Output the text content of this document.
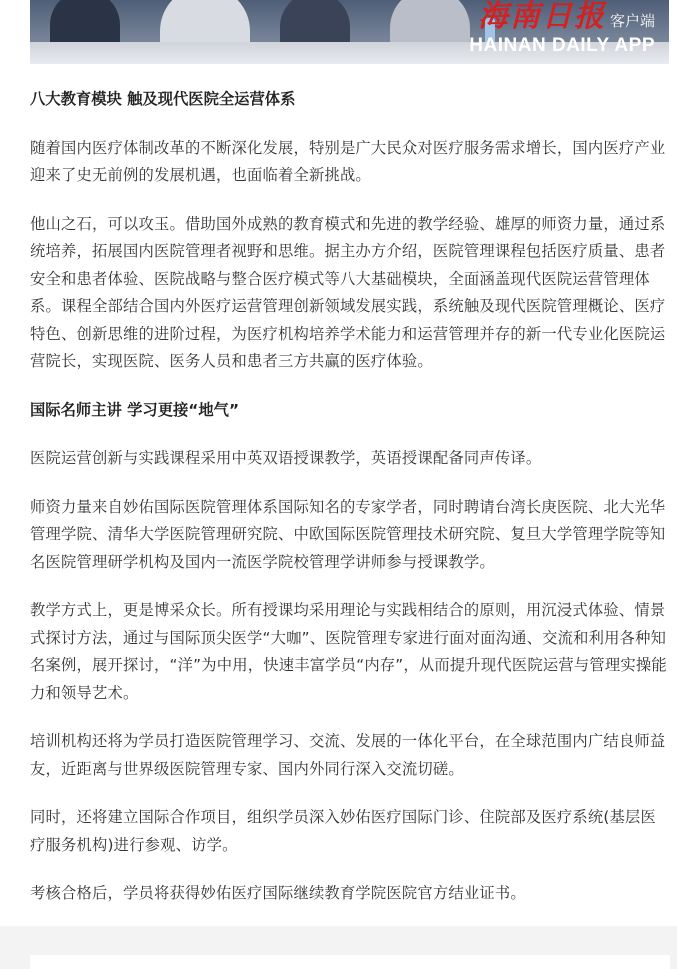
海南日报 客户端
HAINAN DAILY APP
八大教育模块 触及现代医院全运营体系

随着国内医疗体制改革的不断深化发展，特别是广大民众对医疗服务需求增长，国内医疗产业迎来了史无前例的发展机遇，也面临着全新挑战。

他山之石，可以攻玉。借助国外成熟的教育模式和先进的教学经验、雄厚的师资力量，通过系统培养，拓展国内医院管理者视野和思维。据主办方介绍，医院管理课程包括医疗质量、患者安全和患者体验、医院战略与整合医疗模式等八大基础模块，全面涵盖现代医院运营管理体系。课程全部结合国内外医疗运营管理创新领域发展实践，系统触及现代医院管理概论、医疗特色、创新思维的进阶过程，为医疗机构培养学术能力和运营管理并存的新一代专业化医院运营院长，实现医院、医务人员和患者三方共赢的医疗体验。

国际名师主讲 学习更接“地气”

医院运营创新与实践课程采用中英双语授课教学，英语授课配备同声传译。

师资力量来自妙佑国际医院管理体系国际知名的专家学者，同时聘请台湾长庚医院、北大光华管理学院、清华大学医院管理研究院、中欧国际医院管理技术研究院、复旦大学管理学院等知名医院管理研学机构及国内一流医学院校管理学讲师参与授课教学。

教学方式上，更是博采众长。所有授课均采用理论与实践相结合的原则，用沉浸式体验、情景式探讨方法，通过与国际顶尖医学“大咖”、医院管理专家进行面对面沟通、交流和利用各种知名案例，展开探讨，“洋”为中用，快速丰富学员“内存”，从而提升现代医院运营与管理实操能力和领导艺术。

培训机构还将为学员打造医院管理学习、交流、发展的一体化平台，在全球范围内广结良师益友，近距离与世界级医院管理专家、国内外同行深入交流切磋。

同时，还将建立国际合作项目，组织学员深入妙佑医疗国际门诊、住院部及医疗系统(基层医疗服务机构)进行参观、访学。

考核合格后，学员将获得妙佑医疗国际继续教育学院医院官方结业证书。
